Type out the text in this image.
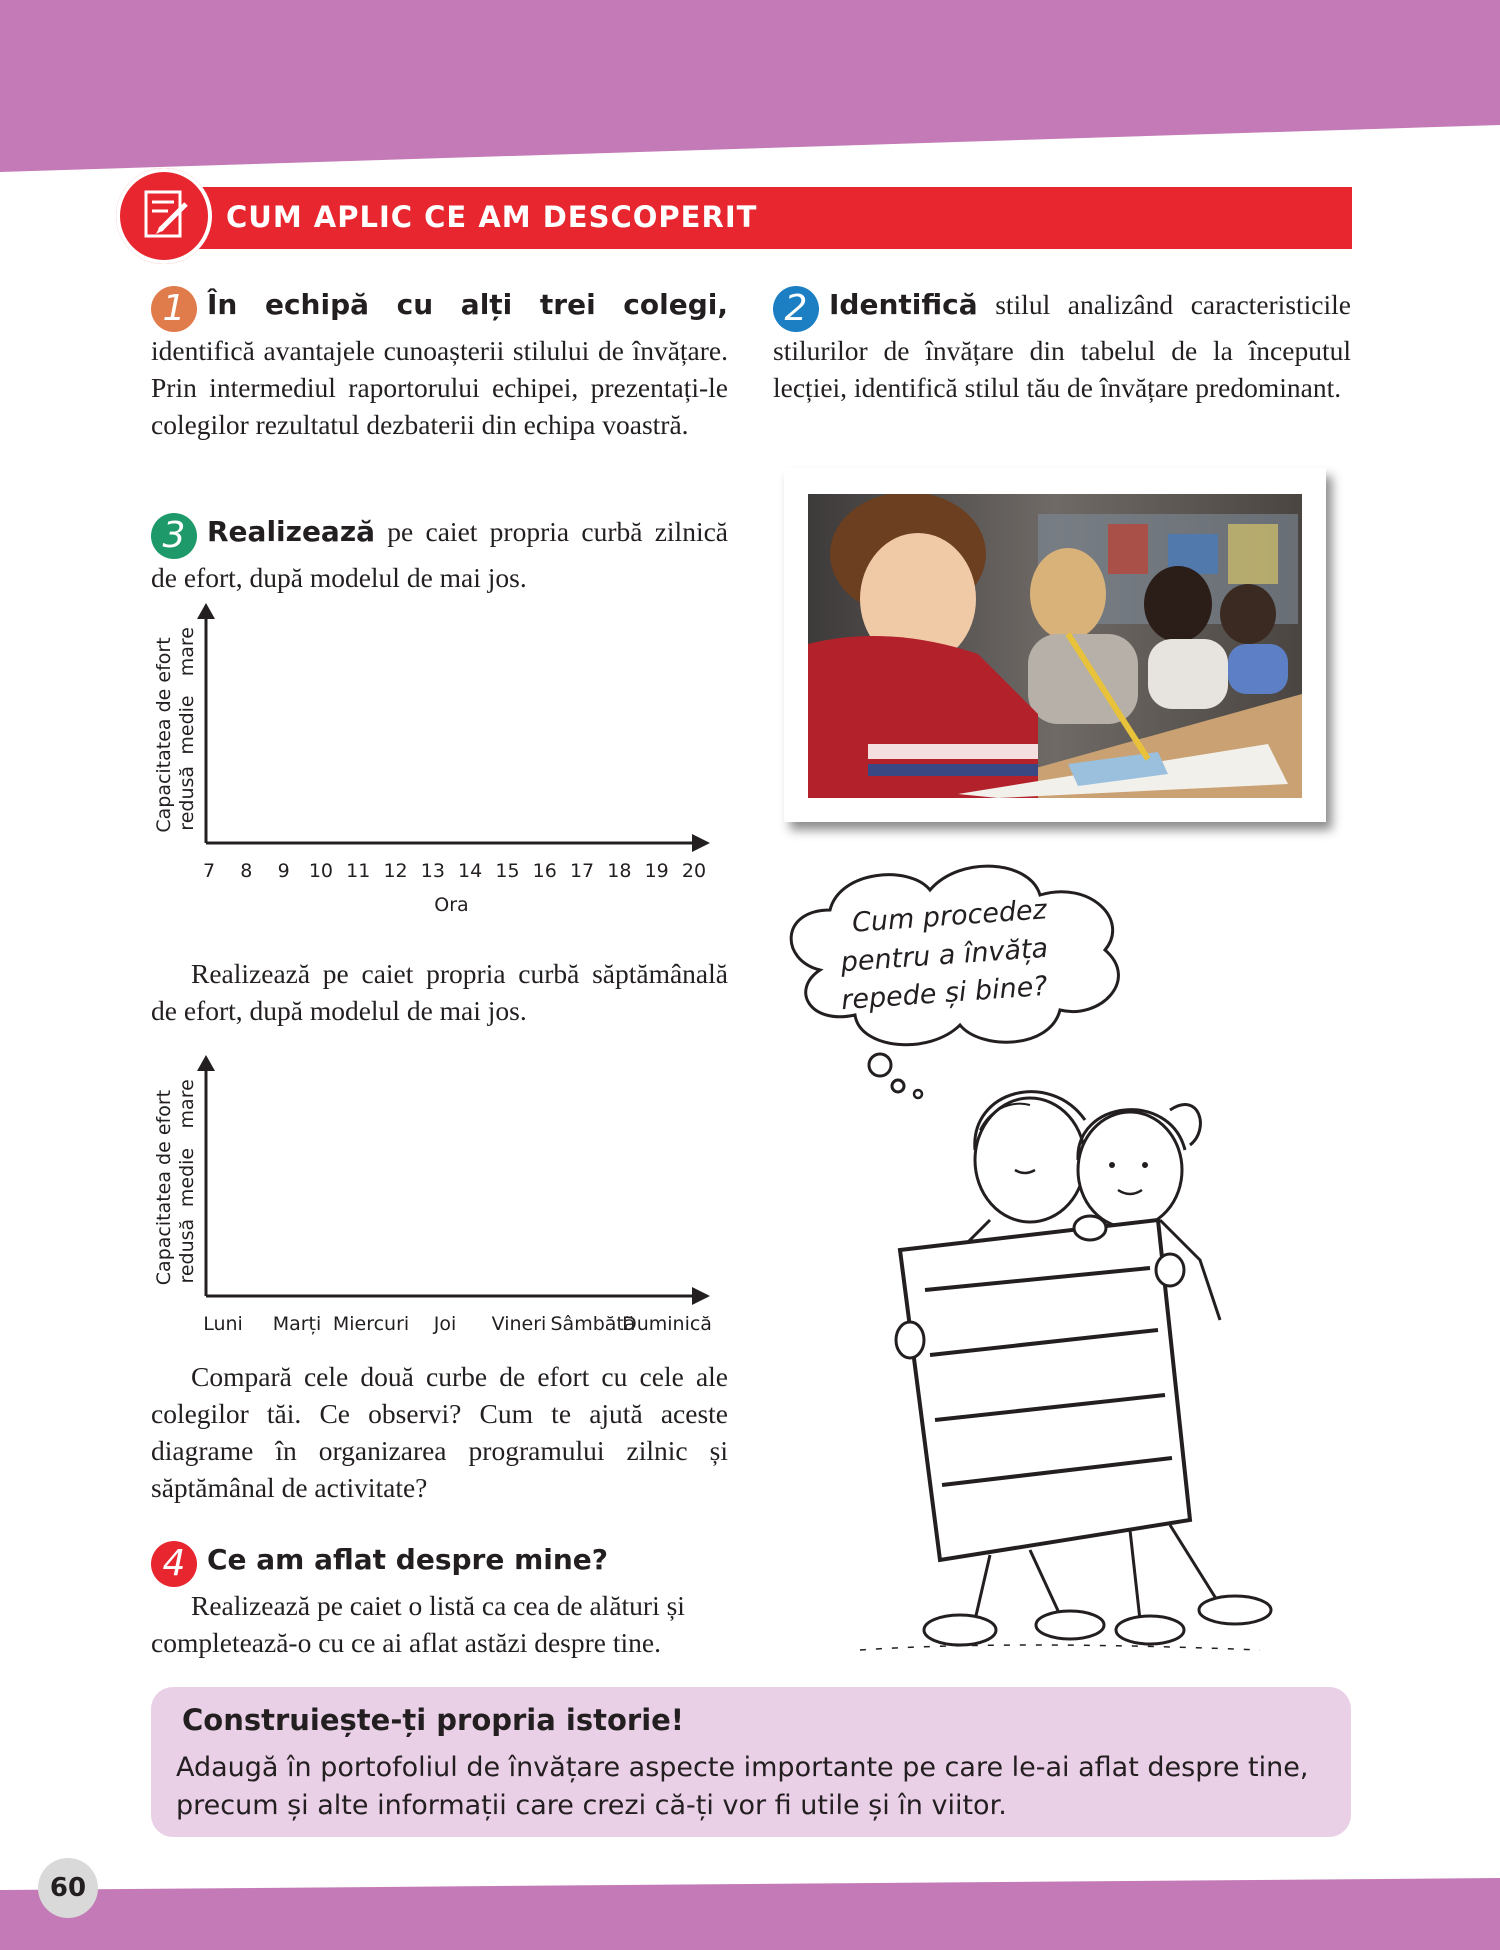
CUM APLIC CE AM DESCOPERIT
1 În echipă cu alți trei colegi, identifică avantajele cunoașterii stilului de învățare. Prin intermediul raportorului echipei, prezentați-le colegilor rezultatul dezbaterii din echipa voastră.
2 Identifică stilul analizând caracteristicile stilurilor de învățare din tabelul de la începutul lecției, identifică stilul tău de învățare predominant.
3 Realizează pe caiet propria curbă zilnică de efort, după modelul de mai jos.
Capacitatea de efort redusă
medie
mare
7 8 9 10 11 12 13 14 15 16 17 18 19 20
Ora
Realizează pe caiet propria curbă săptămânală de efort, după modelul de mai jos.
Capacitatea de efort redusă
medie
mare
Luni Marți Miercuri Joi Vineri Sâmbătă
Duminică
Compară cele două curbe de efort cu cele ale colegilor tăi. Ce observi? Cum te ajută aceste diagrame în organizarea programului zilnic și săptămânal de activitate?
4 Ce am aflat despre mine?
Realizează pe caiet o listă ca cea de alături și completează-o cu ce ai aflat astăzi despre tine.
Cum procedez
pentru a învăța
repede și bine?
Construiește-ți propria istorie!
Adaugă în portofoliul de învățare aspecte importante pe care le-ai aflat despre tine, precum și alte informații care crezi că-ți vor fi utile și în viitor.
60
